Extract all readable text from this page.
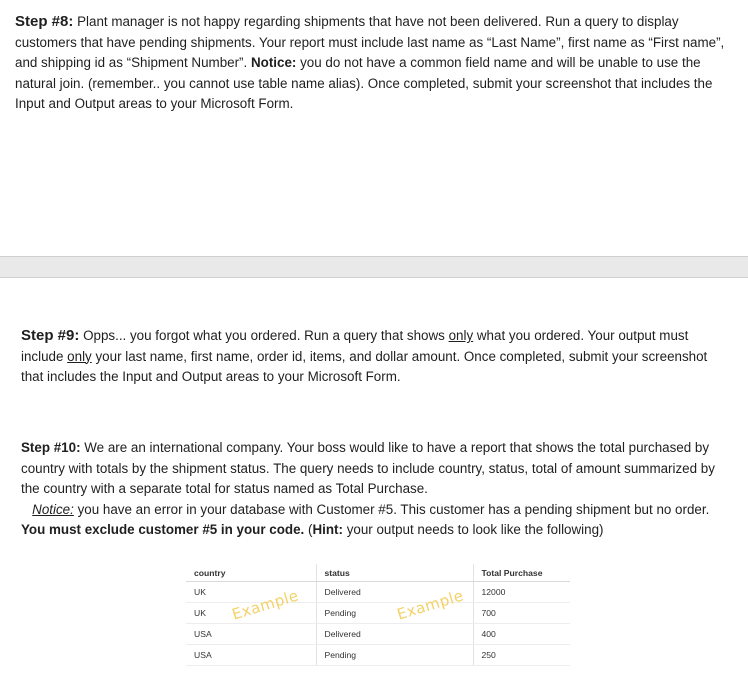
Step #8: Plant manager is not happy regarding shipments that have not been delivered. Run a query to display customers that have pending shipments. Your report must include last name as “Last Name”, first name as “First name”, and shipping id as “Shipment Number”. Notice: you do not have a common field name and will be unable to use the natural join. (remember.. you cannot use table name alias). Once completed, submit your screenshot that includes the Input and Output areas to your Microsoft Form.

Step #9: Opps... you forgot what you ordered. Run a query that shows only what you ordered. Your output must include only your last name, first name, order id, items, and dollar amount. Once completed, submit your screenshot that includes the Input and Output areas to your Microsoft Form.

Step #10: We are an international company. Your boss would like to have a report that shows the total purchased by country with totals by the shipment status. The query needs to include country, status, total of amount summarized by the country with a separate total for status named as Total Purchase.
Notice: you have an error in your database with Customer #5. This customer has a pending shipment but no order. You must exclude customer #5 in your code. (Hint: your output needs to look like the following)

country	status	Total Purchase
UK	Delivered	12000
UK	Pending	700
USA	Delivered	400
USA	Pending	250
Example	Example
